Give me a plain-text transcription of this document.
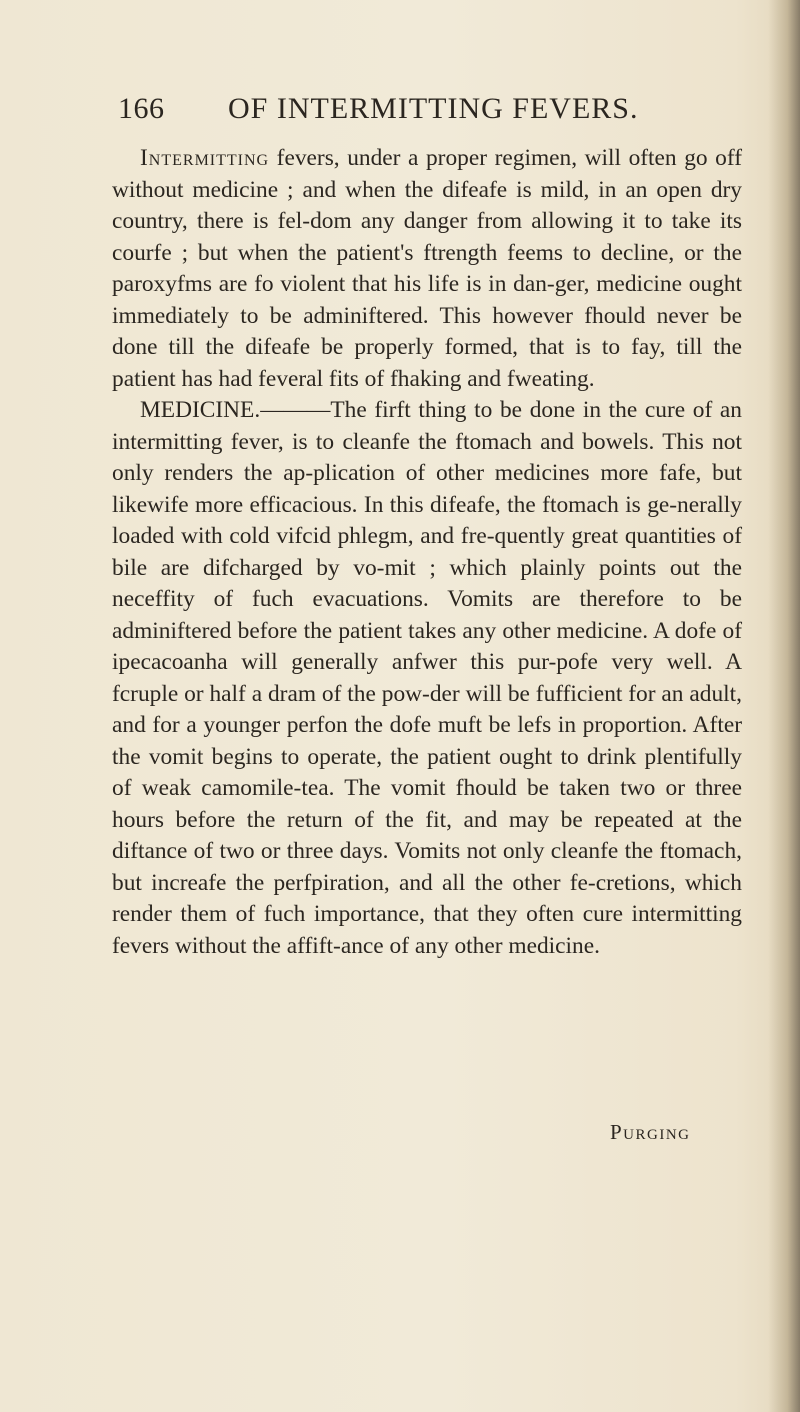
166 OF INTERMITTING FEVERS.

Intermitting fevers, under a proper regimen, will often go off without medicine ; and when the difeafe is mild, in an open dry country, there is fel-dom any danger from allowing it to take its courfe ; but when the patient's ftrength feems to decline, or the paroxyfms are fo violent that his life is in dan-ger, medicine ought immediately to be adminiftered. This however fhould never be done till the difeafe be properly formed, that is to fay, till the patient has had feveral fits of fhaking and fweating.

MEDICINE.———The firft thing to be done in the cure of an intermitting fever, is to cleanfe the ftomach and bowels. This not only renders the ap-plication of other medicines more fafe, but likewife more efficacious. In this difeafe, the ftomach is ge-nerally loaded with cold vifcid phlegm, and fre-quently great quantities of bile are difcharged by vo-mit ; which plainly points out the neceffity of fuch evacuations. Vomits are therefore to be adminiftered before the patient takes any other medicine. A dofe of ipecacoanha will generally anfwer this pur-pofe very well. A fcruple or half a dram of the pow-der will be fufficient for an adult, and for a younger perfon the dofe muft be lefs in proportion. After the vomit begins to operate, the patient ought to drink plentifully of weak camomile-tea. The vomit fhould be taken two or three hours before the return of the fit, and may be repeated at the diftance of two or three days. Vomits not only cleanfe the ftomach, but increafe the perfpiration, and all the other fe-cretions, which render them of fuch importance, that they often cure intermitting fevers without the affift-ance of any other medicine.

Purging
